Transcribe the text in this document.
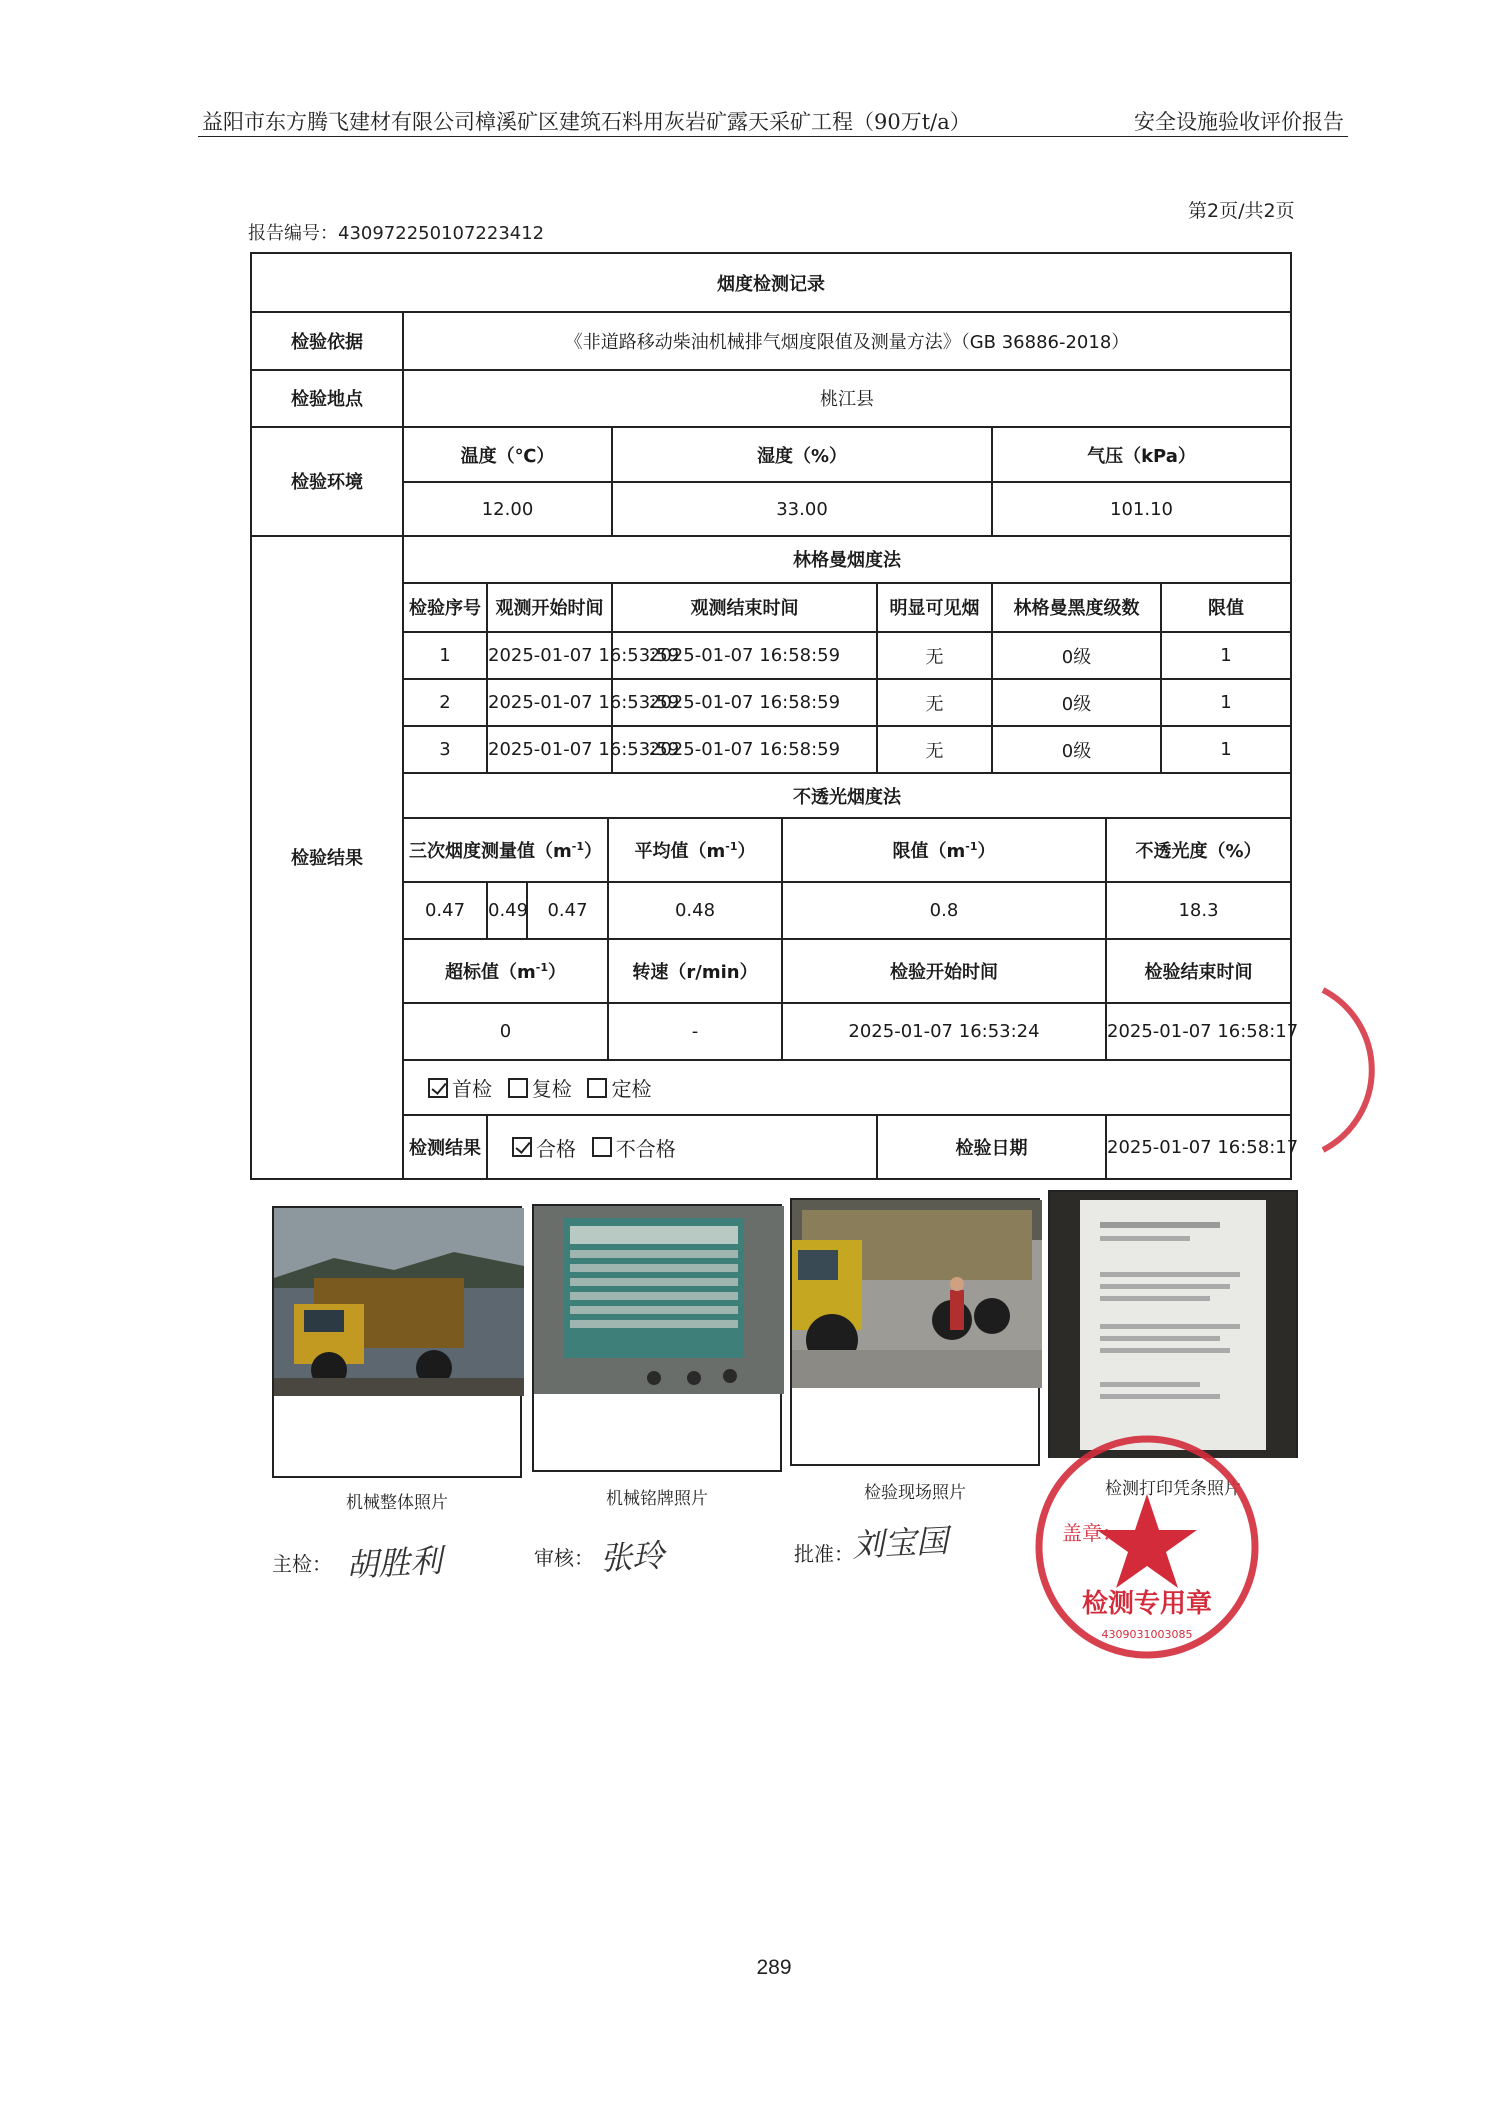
益阳市东方腾飞建材有限公司樟溪矿区建筑石料用灰岩矿露天采矿工程（90万t/a）	安全设施验收评价报告
第2页/共2页
报告编号：430972250107223412
烟度检测记录										
检验依据	《非道路移动柴油机械排气烟度限值及测量方法》（GB 36886-2018）									
检验地点	桃江县									
检验环境	温度（℃）				湿度（%）			气压（kPa）		
	12.00				33.00			101.10		
检验结果	林格曼烟度法									
	检验序号	观测开始时间			观测结束时间		明显可见烟	林格曼黑度级数		限值
	1	2025-01-07 16:53:59			2025-01-07 16:58:59		无	0级		1
	2	2025-01-07 16:53:59			2025-01-07 16:58:59		无	0级		1
	3	2025-01-07 16:53:59			2025-01-07 16:58:59		无	0级		1
	不透光烟度法									
	三次烟度测量值$(m^{-1})$			平均值$(m^{-1})$		限值$(m^{-1})$			不透光度（%）	
	0.47	0.49	0.47	0.48		0.8			18.3	
	超标值$(m^{-1})$			转速（r/min）		检验开始时间			检验结束时间	
	0			-		2025-01-07 16:53:24			2025-01-07 16:58:17	
	首检 复检 定检									
	检测结果	合格 不合格					检验日期		2025-01-07 16:58:17	
机械整体照片	机械铭牌照片	检验现场照片	检测打印凭条照片
主检： 胡胜利	审核： 张玲	批准：
刘宝国	盖章：
检测专用章
4309031003085
289
